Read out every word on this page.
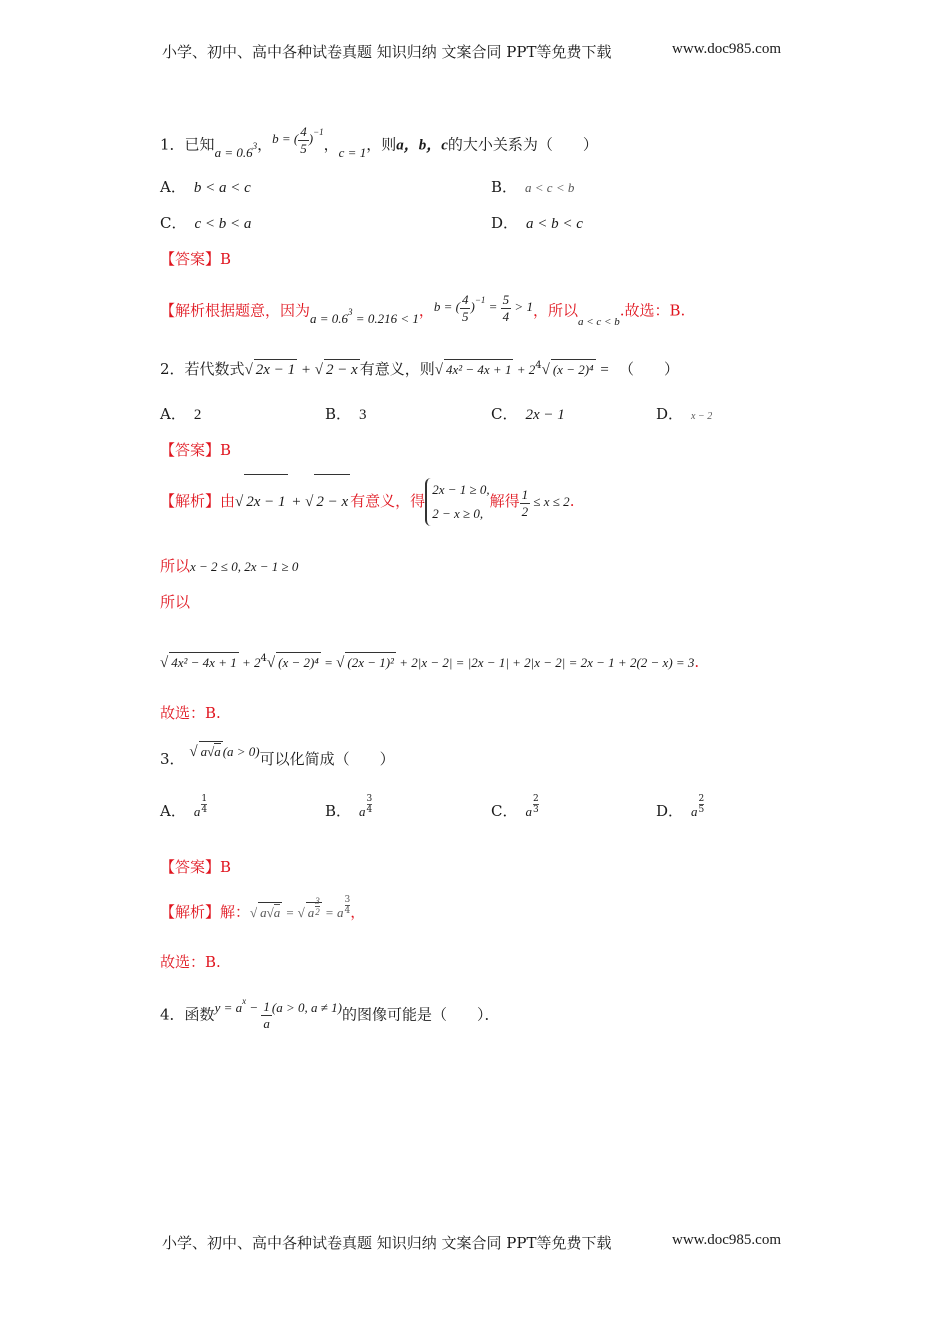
小学、初中、高中各种试卷真题 知识归纳 文案合同 PPT等免费下载	www.doc985.com
1．已知$a = 0.6^3$，b = ( $\frac{4}{5} )^{-1}$，c = 1，则a，b，c的大小关系为（　　）
A． b < a < c	B． a < c < b
C． c < b < a	D． a < b < c
【答案】B
【解析根据题意，因为$a = 0.6^3 = 0.216 < 1$，b = ( $\frac{4}{5} )^{-1} = \frac{5}{4} > 1$，所以$_{a < c < b}$.故选：B.
2．若代数式√ 2x − 1 + √ 2 − x 有意义，则√ $4x^2 - 4x + 1 + 2^4√$ (x − 2)⁴ = （　　）
A． 2	B． 3	C． 2x − 1	D． x − 2
【答案】B
【解析】由√ 2x − 1 + √ 2 − x 有意义，得
2x − 1 ≥ 0,
2 − x ≥ 0,
解得 $\frac{1}{2} \le x \le 2$.
所以x − 2 ≤ 0, 2x − 1 ≥ 0
所以
√ $4x^2 - 4x + 1 + 2^4√$ (x − 2)⁴ = √ (2x − 1)² + 2|x − 2| = |2x − 1| + 2|x − 2| = 2x − 1 + 2(2 − x) = 3.
故选：B.
3． √ a√a (a > 0)可以化简成（　　）
A． a $\frac{1}{4}$	B． a $\frac{3}{4}$	C． a $\frac{2}{3}$	D． a $\frac{2}{5}$
【答案】B
【解析】解：√ a√a = √ a $\frac{3}{2} = a \frac{3}{4}$ ，
故选：B.
4．函数$y = a^x - \frac{1}{a} (a > 0$, a ≠ 1)的图像可能是（　　）．
小学、初中、高中各种试卷真题 知识归纳 文案合同 PPT等免费下载	www.doc985.com
